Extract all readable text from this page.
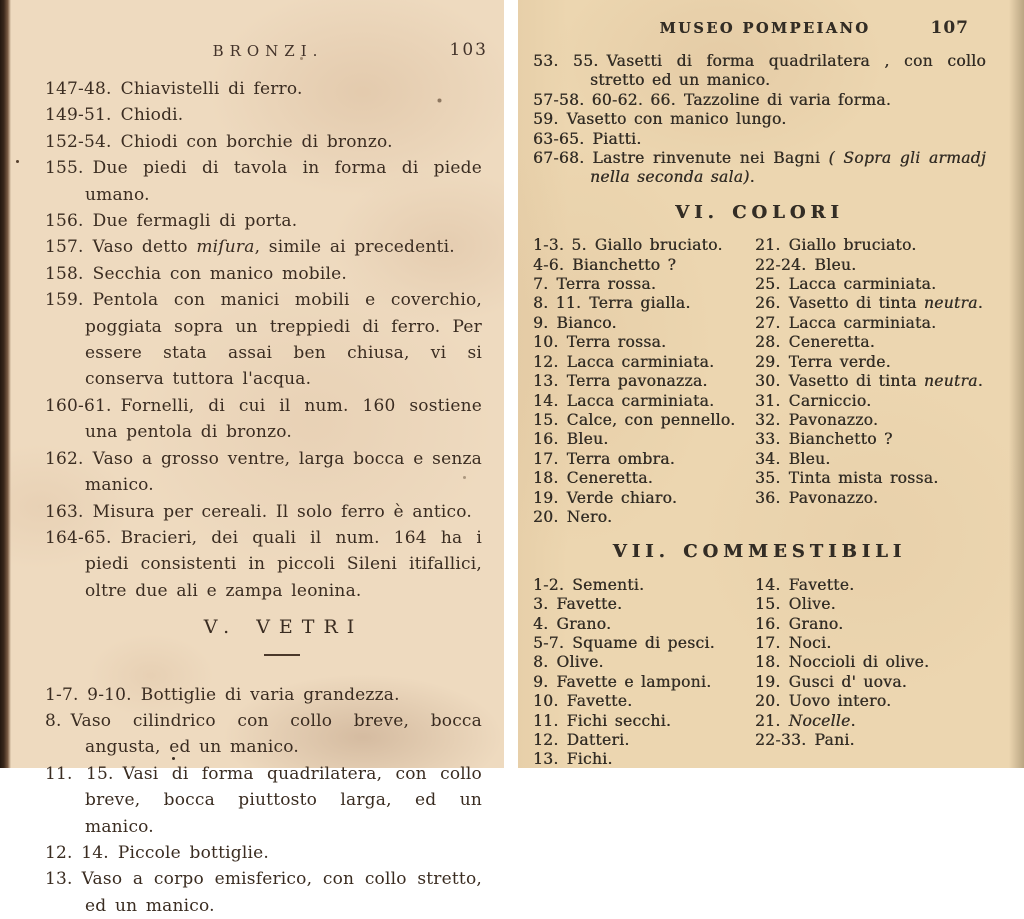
BRONZI.	103
147-48. Chiavistelli di ferro.
149-51. Chiodi.
152-54. Chiodi con borchie di bronzo.
155. Due piedi di tavola in forma di piede umano.
156. Due fermagli di porta.
157. Vaso detto miſura, simile ai precedenti.
158. Secchia con manico mobile.
159. Pentola con manici mobili e coverchio, poggiata sopra un treppiedi di ferro. Per essere stata assai ben chiusa, vi si conserva tuttora l'acqua.
160-61. Fornelli, di cui il num. 160 sostiene una pentola di bronzo.
162. Vaso a grosso ventre, larga bocca e senza manico.
163. Misura per cereali. Il solo ferro è antico.
164-65. Bracieri, dei quali il num. 164 ha i piedi consistenti in piccoli Sileni itifallici, oltre due ali e zampa leonina.
V. VETRI
1-7. 9-10. Bottiglie di varia grandezza.
8. Vaso cilindrico con collo breve, bocca angusta, ed un manico.
11. 15. Vasi di forma quadrilatera, con collo breve, bocca piuttosto larga, ed un manico.
12. 14. Piccole bottiglie.
13. Vaso a corpo emisferico, con collo stretto, ed un manico.
MUSEO POMPEIANO	107
53. 55. Vasetti di forma quadrilatera , con collo stretto ed un manico.
57-58. 60-62. 66. Tazzoline di varia forma.
59. Vasetto con manico lungo.
63-65. Piatti.
67-68. Lastre rinvenute nei Bagni ( Sopra gli armadj nella seconda sala).
VI. COLORI
1-3. 5. Giallo bruciato.
4-6. Bianchetto ?
7. Terra rossa.
8. 11. Terra gialla.
9. Bianco.
10. Terra rossa.
12. Lacca carminiata.
13. Terra pavonazza.
14. Lacca carminiata.
15. Calce, con pennello.
16. Bleu.
17. Terra ombra.
18. Ceneretta.
19. Verde chiaro.
20. Nero.
21. Giallo bruciato.
22-24. Bleu.
25. Lacca carminiata.
26. Vasetto di tinta neutra.
27. Lacca carminiata.
28. Ceneretta.
29. Terra verde.
30. Vasetto di tinta neutra.
31. Carniccio.
32. Pavonazzo.
33. Bianchetto ?
34. Bleu.
35. Tinta mista rossa.
36. Pavonazzo.
VII. COMMESTIBILI
1-2. Sementi.
3. Favette.
4. Grano.
5-7. Squame di pesci.
8. Olive.
9. Favette e lamponi.
10. Favette.
11. Fichi secchi.
12. Datteri.
13. Fichi.
14. Favette.
15. Olive.
16. Grano.
17. Noci.
18. Noccioli di olive.
19. Gusci d' uova.
20. Uovo intero.
21. Nocelle.
22-33. Pani.
